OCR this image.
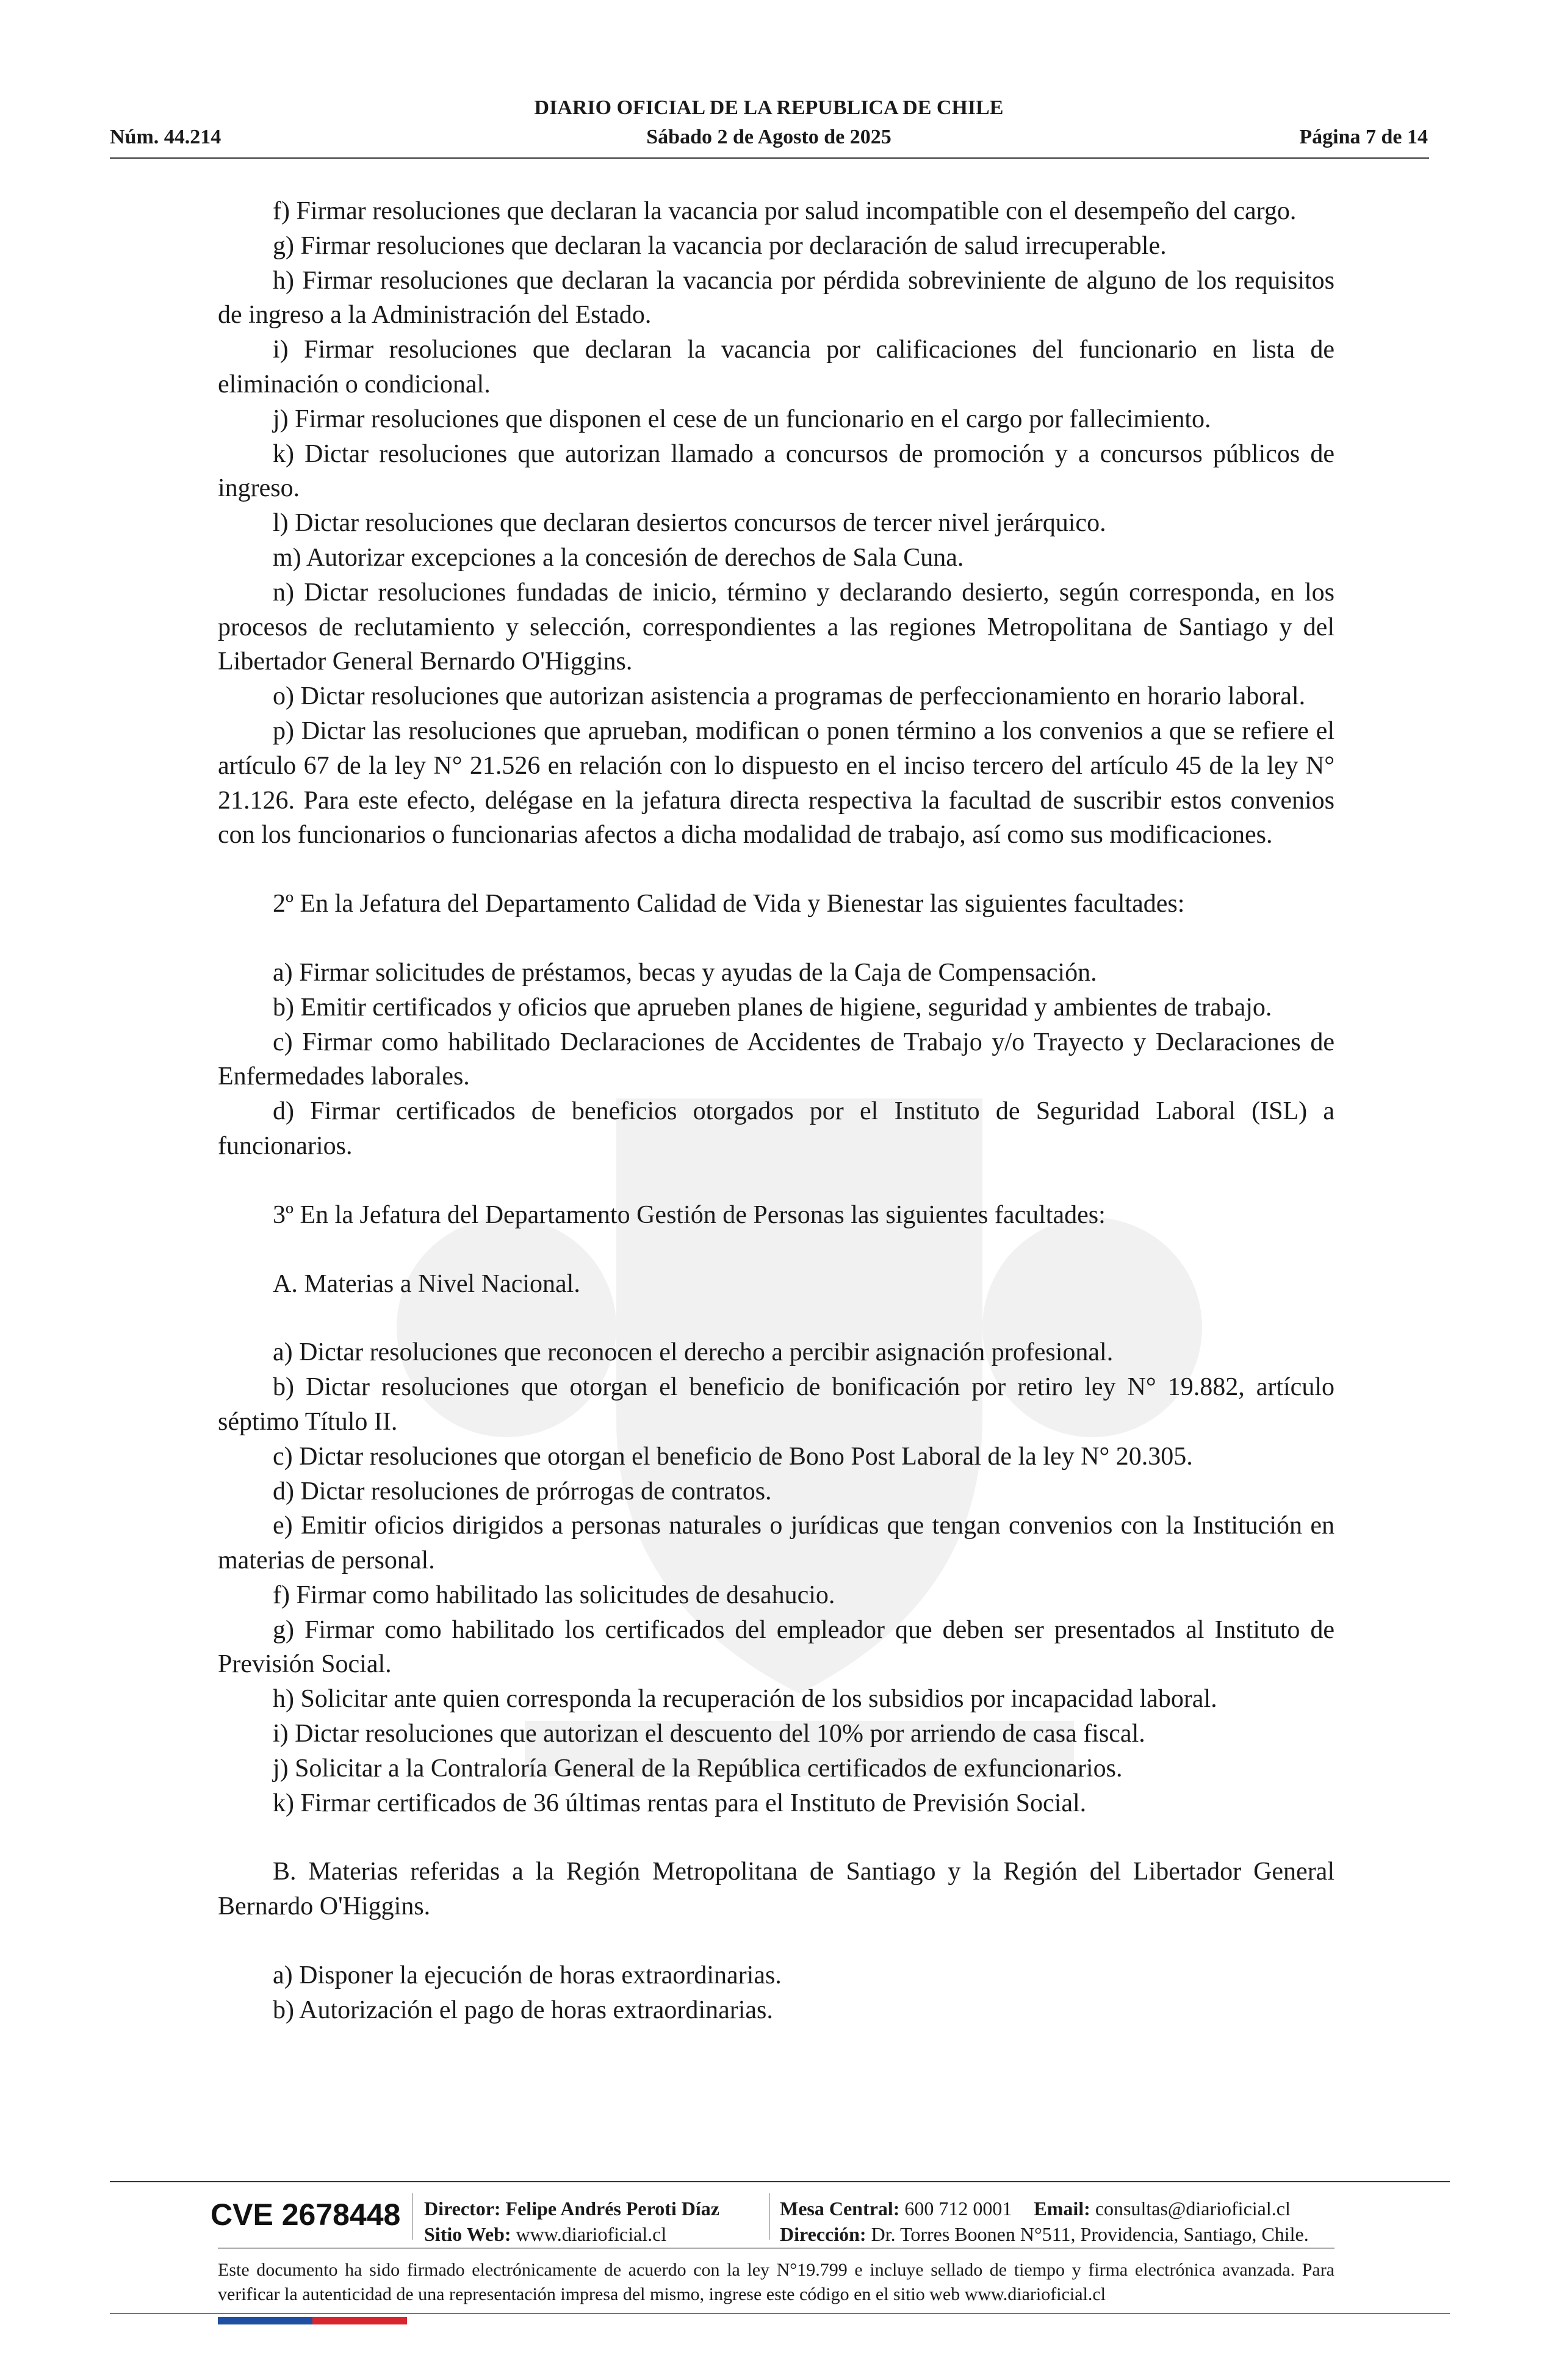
DIARIO OFICIAL DE LA REPUBLICA DE CHILE
Núm. 44.214	Sábado 2 de Agosto de 2025	Página 7 de 14

f) Firmar resoluciones que declaran la vacancia por salud incompatible con el desempeño del cargo.

g) Firmar resoluciones que declaran la vacancia por declaración de salud irrecuperable.

h) Firmar resoluciones que declaran la vacancia por pérdida sobreviniente de alguno de los requisitos de ingreso a la Administración del Estado.

i) Firmar resoluciones que declaran la vacancia por calificaciones del funcionario en lista de eliminación o condicional.

j) Firmar resoluciones que disponen el cese de un funcionario en el cargo por fallecimiento.

k) Dictar resoluciones que autorizan llamado a concursos de promoción y a concursos públicos de ingreso.

l) Dictar resoluciones que declaran desiertos concursos de tercer nivel jerárquico.

m) Autorizar excepciones a la concesión de derechos de Sala Cuna.

n) Dictar resoluciones fundadas de inicio, término y declarando desierto, según corresponda, en los procesos de reclutamiento y selección, correspondientes a las regiones Metropolitana de Santiago y del Libertador General Bernardo O'Higgins.

o) Dictar resoluciones que autorizan asistencia a programas de perfeccionamiento en horario laboral.

p) Dictar las resoluciones que aprueban, modifican o ponen término a los convenios a que se refiere el artículo 67 de la ley N° 21.526 en relación con lo dispuesto en el inciso tercero del artículo 45 de la ley N° 21.126. Para este efecto, delégase en la jefatura directa respectiva la facultad de suscribir estos convenios con los funcionarios o funcionarias afectos a dicha modalidad de trabajo, así como sus modificaciones.

2º En la Jefatura del Departamento Calidad de Vida y Bienestar las siguientes facultades:

a) Firmar solicitudes de préstamos, becas y ayudas de la Caja de Compensación.

b) Emitir certificados y oficios que aprueben planes de higiene, seguridad y ambientes de trabajo.

c) Firmar como habilitado Declaraciones de Accidentes de Trabajo y/o Trayecto y Declaraciones de Enfermedades laborales.

d) Firmar certificados de beneficios otorgados por el Instituto de Seguridad Laboral (ISL) a funcionarios.

3º En la Jefatura del Departamento Gestión de Personas las siguientes facultades:

A. Materias a Nivel Nacional.

a) Dictar resoluciones que reconocen el derecho a percibir asignación profesional.

b) Dictar resoluciones que otorgan el beneficio de bonificación por retiro ley N° 19.882, artículo séptimo Título II.

c) Dictar resoluciones que otorgan el beneficio de Bono Post Laboral de la ley N° 20.305.

d) Dictar resoluciones de prórrogas de contratos.

e) Emitir oficios dirigidos a personas naturales o jurídicas que tengan convenios con la Institución en materias de personal.

f) Firmar como habilitado las solicitudes de desahucio.

g) Firmar como habilitado los certificados del empleador que deben ser presentados al Instituto de Previsión Social.

h) Solicitar ante quien corresponda la recuperación de los subsidios por incapacidad laboral.

i) Dictar resoluciones que autorizan el descuento del 10% por arriendo de casa fiscal.

j) Solicitar a la Contraloría General de la República certificados de exfuncionarios.

k) Firmar certificados de 36 últimas rentas para el Instituto de Previsión Social.

B. Materias referidas a la Región Metropolitana de Santiago y la Región del Libertador General Bernardo O'Higgins.

a) Disponer la ejecución de horas extraordinarias.

b) Autorización el pago de horas extraordinarias.

CVE 2678448 Director: Felipe Andrés Peroti Díaz
Sitio Web: www.diarioficial.cl
Mesa Central: 600 712 0001 Email: consultas@diarioficial.cl
Dirección: Dr. Torres Boonen N°511, Providencia, Santiago, Chile.
Este documento ha sido firmado electrónicamente de acuerdo con la ley N°19.799 e incluye sellado de tiempo y firma electrónica avanzada. Para verificar la autenticidad de una representación impresa del mismo, ingrese este código en el sitio web www.diarioficial.cl
